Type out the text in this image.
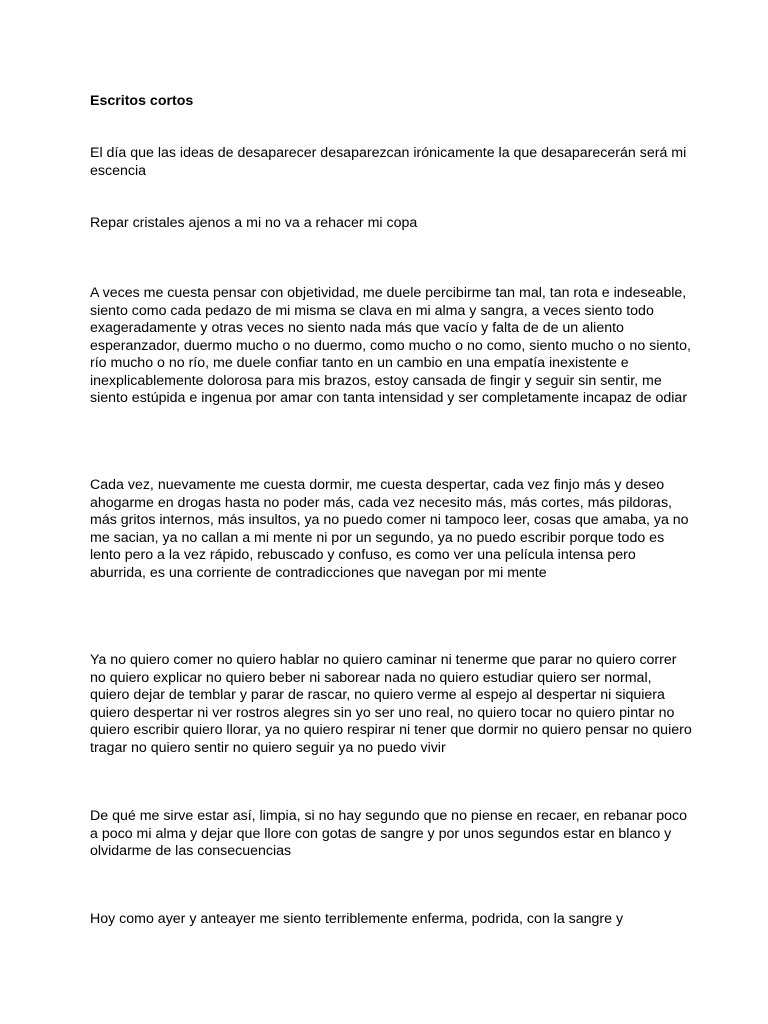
Escritos cortos

El día que las ideas de desaparecer desaparezcan irónicamente la que desaparecerán será mi
escencia

Repar cristales ajenos a mi no va a rehacer mi copa

A veces me cuesta pensar con objetividad, me duele percibirme tan mal, tan rota e indeseable,
siento como cada pedazo de mi misma se clava en mi alma y sangra, a veces siento todo
exageradamente y otras veces no siento nada más que vacío y falta de de un aliento
esperanzador, duermo mucho o no duermo, como mucho o no como, siento mucho o no siento,
río mucho o no río, me duele confiar tanto en un cambio en una empatía inexistente e
inexplicablemente dolorosa para mis brazos, estoy cansada de fingir y seguir sin sentir, me
siento estúpida e ingenua por amar con tanta intensidad y ser completamente incapaz de odiar

Cada vez, nuevamente me cuesta dormir, me cuesta despertar, cada vez finjo más y deseo
ahogarme en drogas hasta no poder más, cada vez necesito más, más cortes, más pildoras,
más gritos internos, más insultos, ya no puedo comer ni tampoco leer, cosas que amaba, ya no
me sacian, ya no callan a mi mente ni por un segundo, ya no puedo escribir porque todo es
lento pero a la vez rápido, rebuscado y confuso, es como ver una película intensa pero
aburrida, es una corriente de contradicciones que navegan por mi mente

Ya no quiero comer no quiero hablar no quiero caminar ni tenerme que parar no quiero correr
no quiero explicar no quiero beber ni saborear nada no quiero estudiar quiero ser normal,
quiero dejar de temblar y parar de rascar, no quiero verme al espejo al despertar ni siquiera
quiero despertar ni ver rostros alegres sin yo ser uno real, no quiero tocar no quiero pintar no
quiero escribir quiero llorar, ya no quiero respirar ni tener que dormir no quiero pensar no quiero
tragar no quiero sentir no quiero seguir ya no puedo vivir

De qué me sirve estar así, limpia, si no hay segundo que no piense en recaer, en rebanar poco
a poco mi alma y dejar que llore con gotas de sangre y por unos segundos estar en blanco y
olvidarme de las consecuencias

Hoy como ayer y anteayer me siento terriblemente enferma, podrida, con la sangre y
